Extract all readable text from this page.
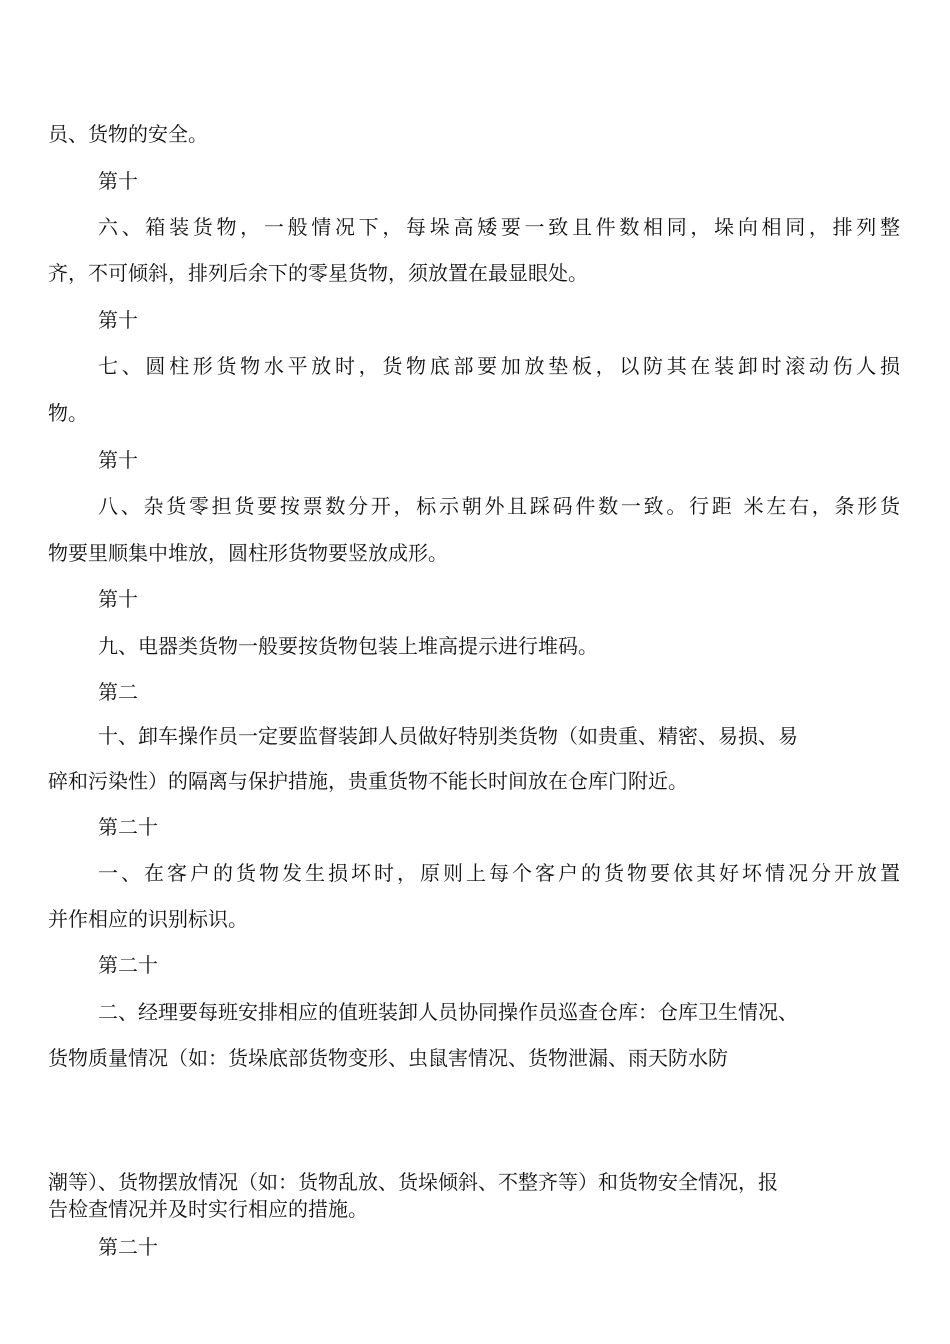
员、货物的安全。
第十
六、箱装货物，一般情况下，每垛高矮要一致且件数相同，垛向相同，排列整
齐，不可倾斜，排列后余下的零星货物，须放置在最显眼处。
第十
七、圆柱形货物水平放时，货物底部要加放垫板，以防其在装卸时滚动伤人损
物。
第十
八、杂货零担货要按票数分开，标示朝外且踩码件数一致。行距 米左右，条形货
物要里顺集中堆放，圆柱形货物要竖放成形。
第十
九、电器类货物一般要按货物包装上堆高提示进行堆码。
第二
十、卸车操作员一定要监督装卸人员做好特别类货物（如贵重、精密、易损、易
碎和污染性）的隔离与保护措施，贵重货物不能长时间放在仓库门附近。
第二十
一、在客户的货物发生损坏时，原则上每个客户的货物要依其好坏情况分开放置
并作相应的识别标识。
第二十
二、经理要每班安排相应的值班装卸人员协同操作员巡查仓库：仓库卫生情况、
货物质量情况（如：货垛底部货物变形、虫鼠害情况、货物泄漏、雨天防水防
潮等）、货物摆放情况（如：货物乱放、货垛倾斜、不整齐等）和货物安全情况，报
告检查情况并及时实行相应的措施。
第二十
